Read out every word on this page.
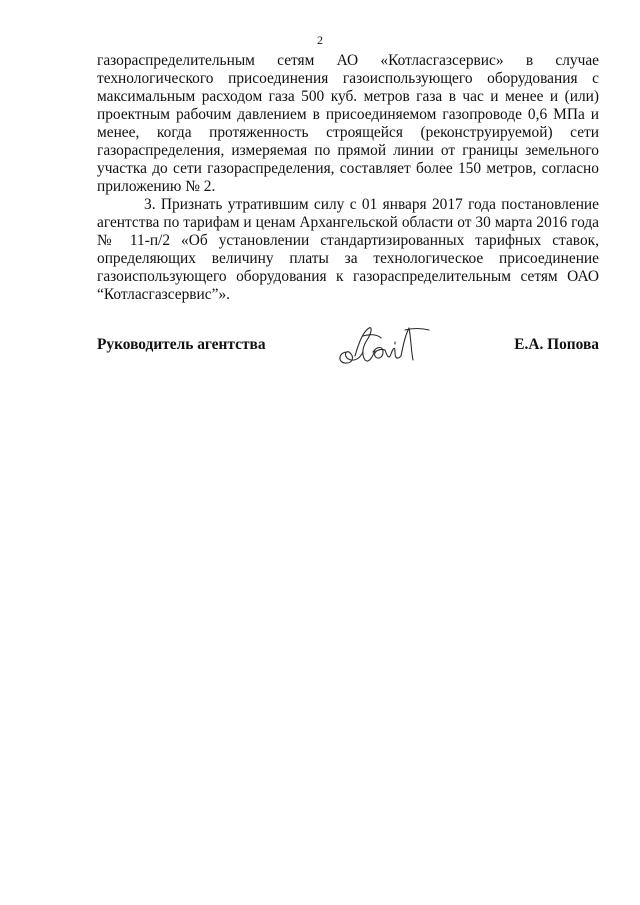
2

газораспределительным сетям АО «Котласгазсервис» в случае технологического присоединения газоиспользующего оборудования с максимальным расходом газа 500 куб. метров газа в час и менее и (или) проектным рабочим давлением в присоединяемом газопроводе 0,6 МПа и менее, когда протяженность строящейся (реконструируемой) сети газораспределения, измеряемая по прямой линии от границы земельного участка до сети газораспределения, составляет более 150 метров, согласно приложению № 2.

3. Признать утратившим силу с 01 января 2017 года постановление агентства по тарифам и ценам Архангельской области от 30 марта 2016 года № 11-п/2 «Об установлении стандартизированных тарифных ставок, определяющих величину платы за технологическое присоединение газоиспользующего оборудования к газораспределительным сетям ОАО “Котласгазсервис”».

Руководитель агентства	Е.А. Попова
